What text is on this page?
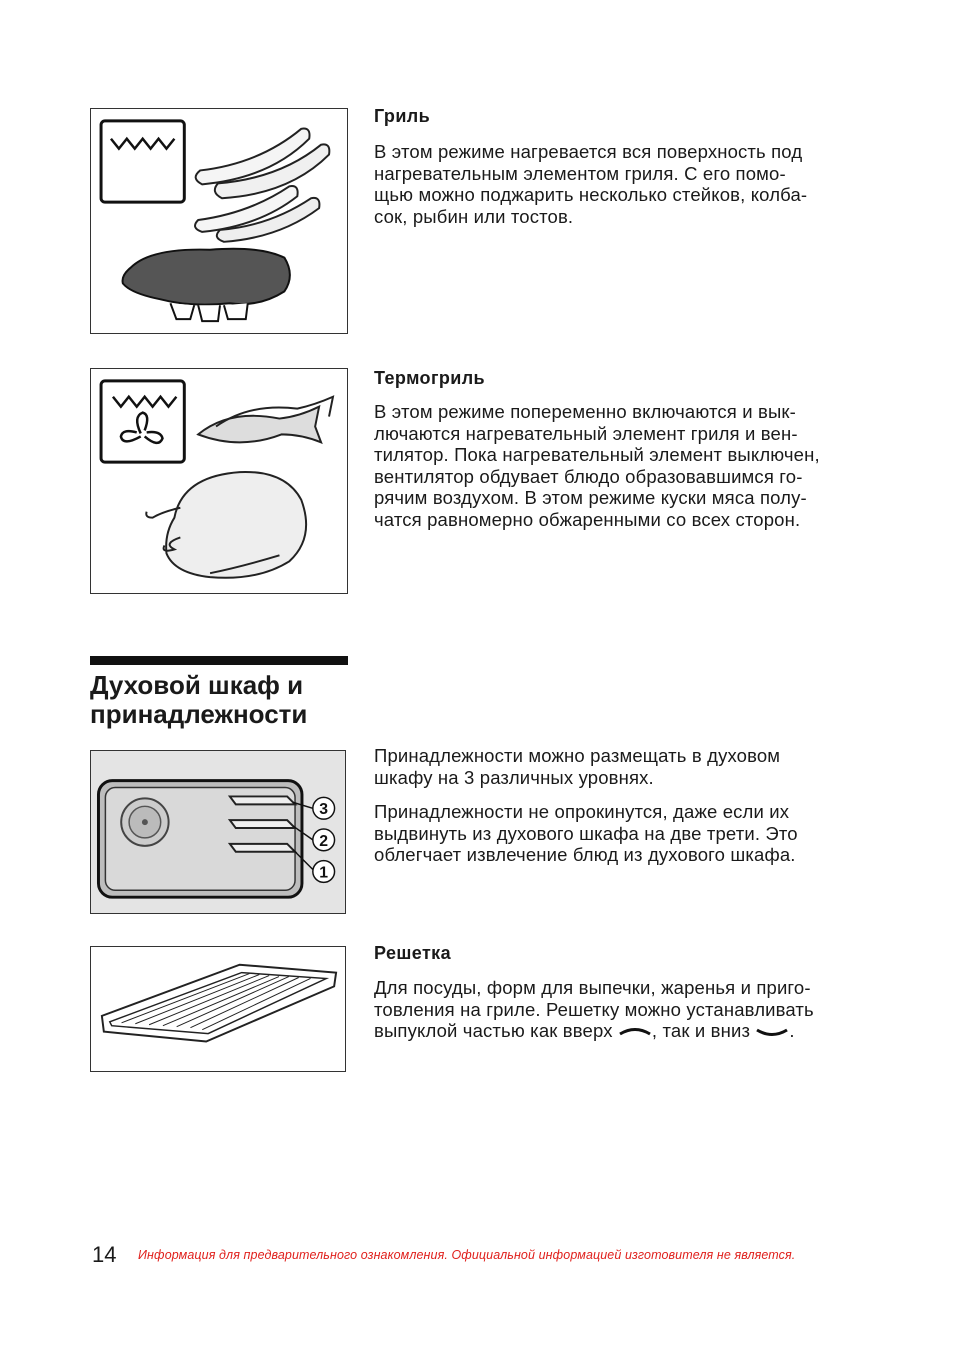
Гриль

В этом режиме нагревается вся поверхность под
нагревательным элементом гриля. С его помо-
щью можно поджарить несколько стейков, колба-
сок, рыбин или тостов.

Термогриль

В этом режиме попеременно включаются и вык-
лючаются нагревательный элемент гриля и вен-
тилятор. Пока нагревательный элемент выключен,
вентилятор обдувает блюдо образовавшимся го-
рячим воздухом. В этом режиме куски мяса полу-
чатся равномерно обжаренными со всех сторон.

Духовой шкаф и
принадлежности
3
2
1

Принадлежности можно размещать в духовом
шкафу на 3 различных уровнях.

Принадлежности не опрокинутся, даже если их
выдвинуть из духового шкафа на две трети. Это
облегчает извлечение блюд из духового шкафа.

Решетка
Для посуды, форм для выпечки, жаренья и приго-
товления на гриле. Решетку можно устанавливать
выпуклой частью как вверх , так и вниз .
14 Информация для предварительного ознакомления. Официальной информацией изготовителя не является.
